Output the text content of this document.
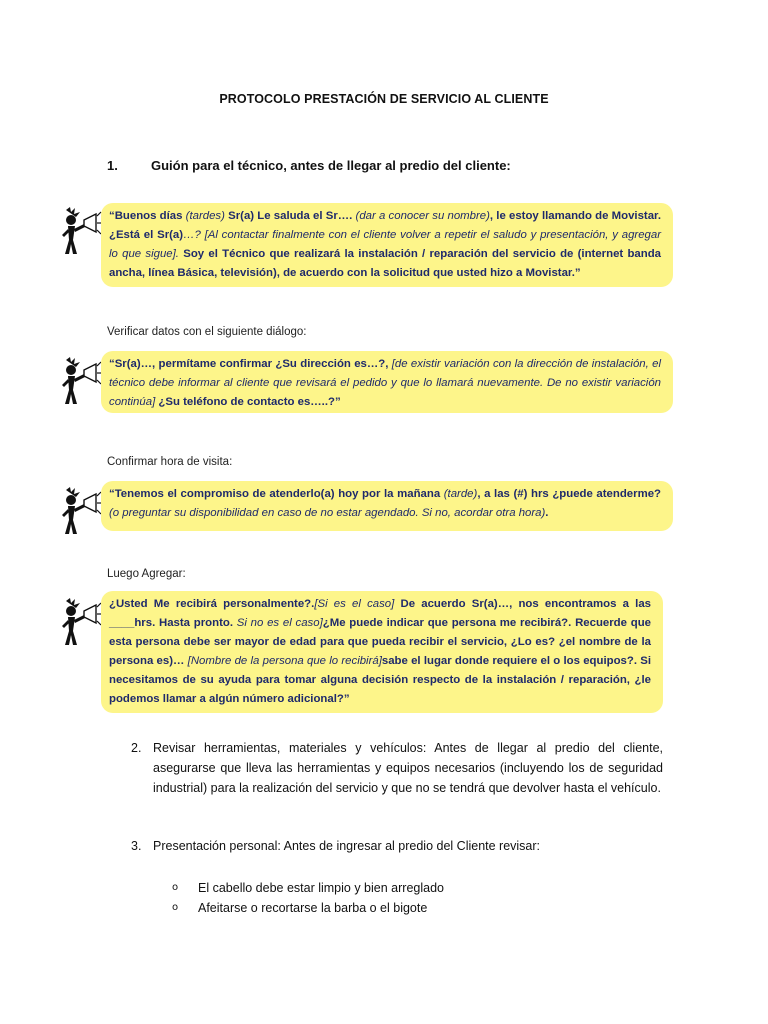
PROTOCOLO PRESTACIÓN DE SERVICIO AL CLIENTE
1.	Guión para el técnico, antes de llegar al predio del cliente:
“Buenos días (tardes) Sr(a) Le saluda el Sr…. (dar a conocer su nombre), le estoy llamando de Movistar. ¿Está el Sr(a)…? [Al contactar finalmente con el cliente volver a repetir el saludo y presentación, y agregar lo que sigue]. Soy el Técnico que realizará la instalación / reparación del servicio de (internet banda ancha, línea Básica, televisión), de acuerdo con la solicitud que usted hizo a Movistar.”
Verificar datos con el siguiente diálogo:
“Sr(a)…, permítame confirmar ¿Su dirección es…?, [de existir variación con la dirección de instalación, el técnico debe informar al cliente que revisará el pedido y que lo llamará nuevamente. De no existir variación continúa] ¿Su teléfono de contacto es…..?”
Confirmar hora de visita:
“Tenemos el compromiso de atenderlo(a) hoy por la mañana (tarde), a las (#) hrs ¿puede atenderme? (o preguntar su disponibilidad en caso de no estar agendado. Si no, acordar otra hora).
Luego Agregar:
¿Usted Me recibirá personalmente?.[Si es el caso] De acuerdo Sr(a)…, nos encontramos a las ____hrs. Hasta pronto. Si no es el caso]¿Me puede indicar que persona me recibirá?. Recuerde que esta persona debe ser mayor de edad para que pueda recibir el servicio, ¿Lo es? ¿el nombre de la persona es)… [Nombre de la persona que lo recibirá]sabe el lugar donde requiere el o los equipos?. Si necesitamos de su ayuda para tomar alguna decisión respecto de la instalación / reparación, ¿le podemos llamar a algún número adicional?”
2. Revisar herramientas, materiales y vehículos: Antes de llegar al predio del cliente, asegurarse que lleva las herramientas y equipos necesarios (incluyendo los de seguridad industrial) para la realización del servicio y que no se tendrá que devolver hasta el vehículo.
3. Presentación personal: Antes de ingresar al predio del Cliente revisar:
o	El cabello debe estar limpio y bien arreglado
o	Afeitarse o recortarse la barba o el bigote
